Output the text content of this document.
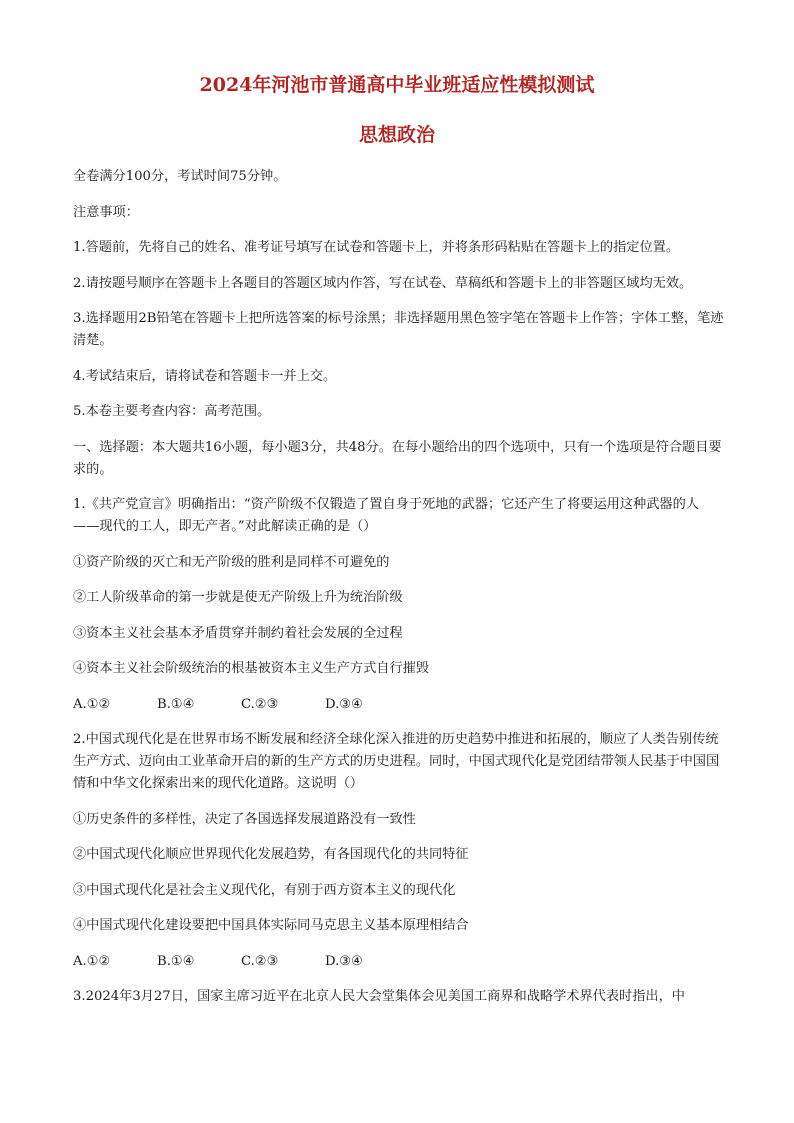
2024年河池市普通高中毕业班适应性模拟测试
思想政治

全卷满分100分，考试时间75分钟。

注意事项：

1.答题前，先将自己的姓名、准考证号填写在试卷和答题卡上，并将条形码粘贴在答题卡上的指定位置。

2.请按题号顺序在答题卡上各题目的答题区域内作答，写在试卷、草稿纸和答题卡上的非答题区域均无效。

3.选择题用2B铅笔在答题卡上把所选答案的标号涂黑；非选择题用黑色签字笔在答题卡上作答；字体工整，笔迹清楚。

4.考试结束后，请将试卷和答题卡一并上交。

5.本卷主要考查内容：高考范围。

一、选择题：本大题共16小题，每小题3分，共48分。在每小题给出的四个选项中，只有一个选项是符合题目要求的。

1.《共产党宣言》明确指出：“资产阶级不仅锻造了置自身于死地的武器；它还产生了将要运用这种武器的人——现代的工人，即无产者。”对此解读正确的是（）

①资产阶级的灭亡和无产阶级的胜利是同样不可避免的

②工人阶级革命的第一步就是使无产阶级上升为统治阶级

③资本主义社会基本矛盾贯穿并制约着社会发展的全过程

④资本主义社会阶级统治的根基被资本主义生产方式自行摧毁

A.①②	B.①④	C.②③	D.③④

2.中国式现代化是在世界市场不断发展和经济全球化深入推进的历史趋势中推进和拓展的，顺应了人类告别传统生产方式、迈向由工业革命开启的新的生产方式的历史进程。同时，中国式现代化是党团结带领人民基于中国国情和中华文化探索出来的现代化道路。这说明（）

①历史条件的多样性，决定了各国选择发展道路没有一致性

②中国式现代化顺应世界现代化发展趋势，有各国现代化的共同特征

③中国式现代化是社会主义现代化，有别于西方资本主义的现代化

④中国式现代化建设要把中国具体实际同马克思主义基本原理相结合

A.①②	B.①④	C.②③	D.③④

3.2024年3月27日，国家主席习近平在北京人民大会堂集体会见美国工商界和战略学术界代表时指出，中
